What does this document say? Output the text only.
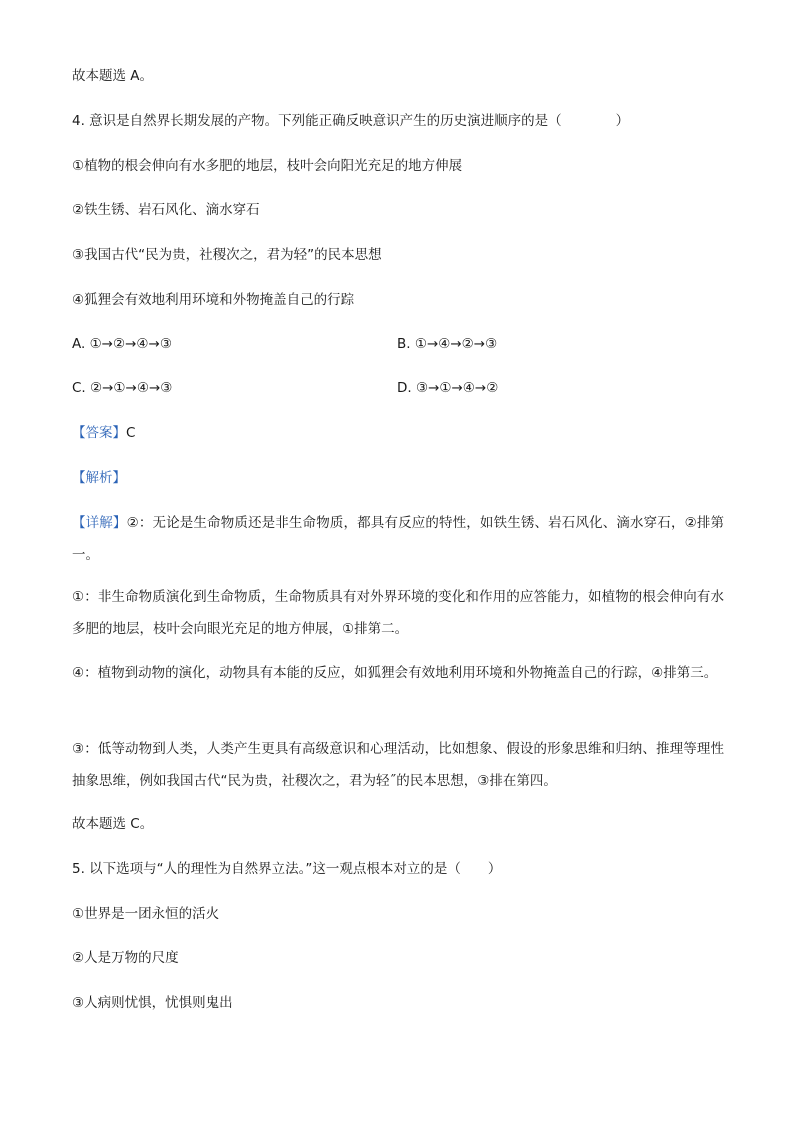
故本题选 A。
4. 意识是自然界长期发展的产物。下列能正确反映意识产生的历史演进顺序的是（　　　　）
①植物的根会伸向有水多肥的地层，枝叶会向阳光充足的地方伸展
②铁生锈、岩石风化、滴水穿石
③我国古代“民为贵，社稷次之，君为轻”的民本思想
④狐狸会有效地利用环境和外物掩盖自己的行踪
A. ①→②→④→③	B. ①→④→②→③
C. ②→①→④→③	D. ③→①→④→②
【答案】C
【解析】
【详解】②：无论是生命物质还是非生命物质，都具有反应的特性，如铁生锈、岩石风化、滴水穿石，②排第一。
①：非生命物质演化到生命物质，生命物质具有对外界环境的变化和作用的应答能力，如植物的根会伸向有水多肥的地层，枝叶会向眼光充足的地方伸展，①排第二。
④：植物到动物的演化，动物具有本能的反应，如狐狸会有效地利用环境和外物掩盖自己的行踪，④排第三。
③：低等动物到人类，人类产生更具有高级意识和心理活动，比如想象、假设的形象思维和归纳、推理等理性抽象思维，例如我国古代“民为贵，社稷次之，君为轻˝的民本思想，③排在第四。
故本题选 C。
5. 以下选项与“人的理性为自然界立法。”这一观点根本对立的是（　　）
①世界是一团永恒的活火
②人是万物的尺度
③人病则忧惧，忧惧则鬼出
